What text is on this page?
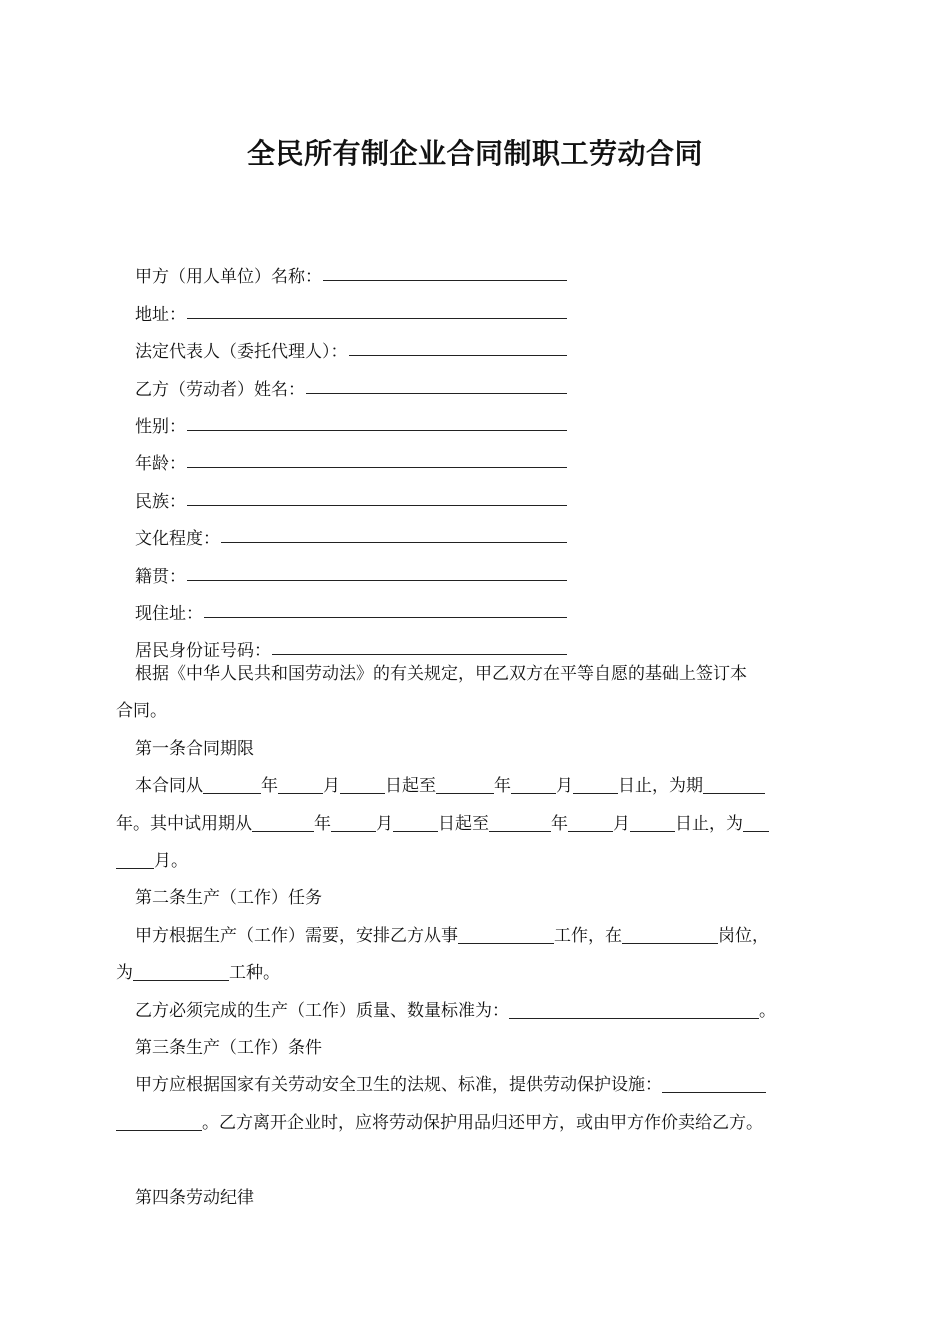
全民所有制企业合同制职工劳动合同
甲方（用人单位）名称：
地址：
法定代表人（委托代理人）：
乙方（劳动者）姓名：
性别：
年龄：
民族：
文化程度：
籍贯：
现住址：
居民身份证号码：

根据《中华人民共和国劳动法》的有关规定，甲乙双方在平等自愿的基础上签订本

合同。

第一条合同期限

本合同从	年	月	日起至	年	月	日止，为期

年。其中试用期从	年	月	日起至	年	月	日止，为

月。

第二条生产（工作）任务

甲方根据生产（工作）需要，安排乙方从事	工作，在	岗位，

为	工种。

乙方必须完成的生产（工作）质量、数量标准为：	。

第三条生产（工作）条件

甲方应根据国家有关劳动安全卫生的法规、标准，提供劳动保护设施：

。乙方离开企业时，应将劳动保护用品归还甲方，或由甲方作价卖给乙方。

第四条劳动纪律
